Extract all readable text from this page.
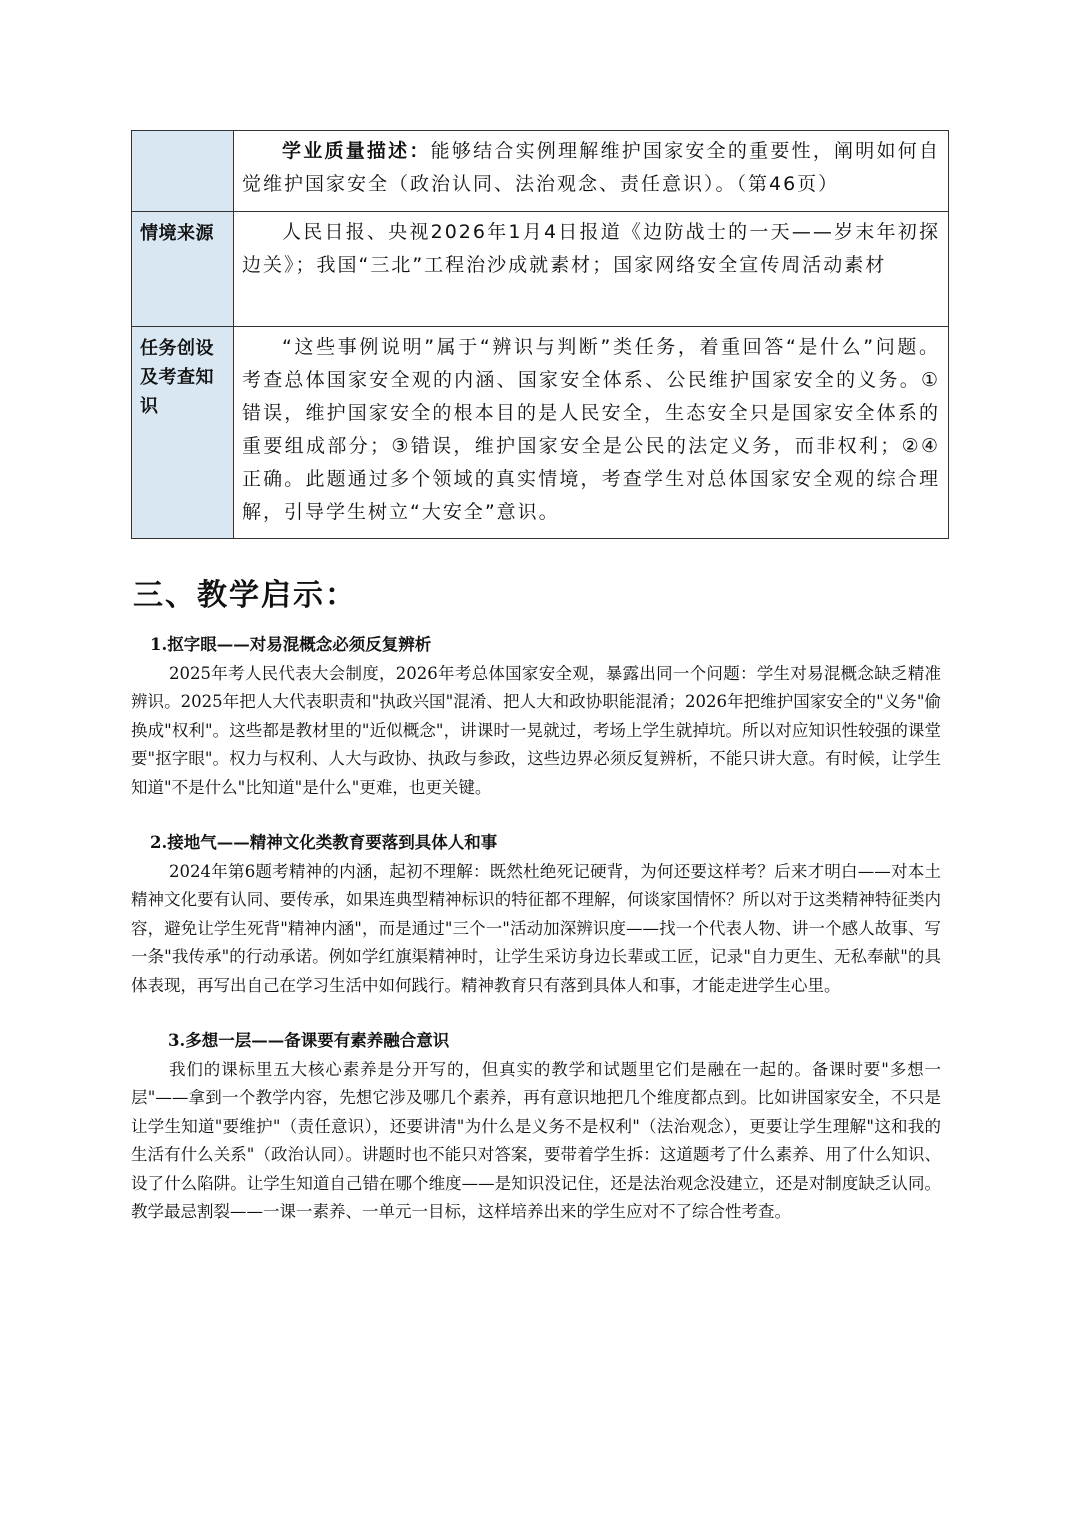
	学业质量描述：能够结合实例理解维护国家安全的重要性，阐明如何自觉维护国家安全（政治认同、法治观念、责任意识）。（第46页）

情境来源	人民日报、央视2026年1月4日报道《边防战士的一天——岁末年初探边关》；我国“三北”工程治沙成就素材；国家网络安全宣传周活动素材

任务创设及考查知识	“这些事例说明”属于“辨识与判断”类任务，着重回答“是什么”问题。考查总体国家安全观的内涵、国家安全体系、公民维护国家安全的义务。①错误，维护国家安全的根本目的是人民安全，生态安全只是国家安全体系的重要组成部分；③错误，维护国家安全是公民的法定义务，而非权利；②④正确。此题通过多个领域的真实情境，考查学生对总体国家安全观的综合理解，引导学生树立“大安全”意识。
三、教学启示：
1.抠字眼——对易混概念必须反复辨析
2025年考人民代表大会制度，2026年考总体国家安全观，暴露出同一个问题：学生对易混概念缺乏精准辨识。2025年把人大代表职责和"执政兴国"混淆、把人大和政协职能混淆；2026年把维护国家安全的"义务"偷换成"权利"。这些都是教材里的"近似概念"，讲课时一晃就过，考场上学生就掉坑。所以对应知识性较强的课堂要"抠字眼"。权力与权利、人大与政协、执政与参政，这些边界必须反复辨析，不能只讲大意。有时候，让学生知道"不是什么"比知道"是什么"更难，也更关键。
2.接地气——精神文化类教育要落到具体人和事
2024年第6题考精神的内涵，起初不理解：既然杜绝死记硬背，为何还要这样考？后来才明白——对本土精神文化要有认同、要传承，如果连典型精神标识的特征都不理解，何谈家国情怀？所以对于这类精神特征类内容，避免让学生死背"精神内涵"，而是通过"三个一"活动加深辨识度——找一个代表人物、讲一个感人故事、写一条"我传承"的行动承诺。例如学红旗渠精神时，让学生采访身边长辈或工匠，记录"自力更生、无私奉献"的具体表现，再写出自己在学习生活中如何践行。精神教育只有落到具体人和事，才能走进学生心里。
3.多想一层——备课要有素养融合意识
我们的课标里五大核心素养是分开写的，但真实的教学和试题里它们是融在一起的。备课时要"多想一层"——拿到一个教学内容，先想它涉及哪几个素养，再有意识地把几个维度都点到。比如讲国家安全，不只是让学生知道"要维护"（责任意识），还要讲清"为什么是义务不是权利"（法治观念），更要让学生理解"这和我的生活有什么关系"（政治认同）。讲题时也不能只对答案，要带着学生拆：这道题考了什么素养、用了什么知识、设了什么陷阱。让学生知道自己错在哪个维度——是知识没记住，还是法治观念没建立，还是对制度缺乏认同。教学最忌割裂——一课一素养、一单元一目标，这样培养出来的学生应对不了综合性考查。
